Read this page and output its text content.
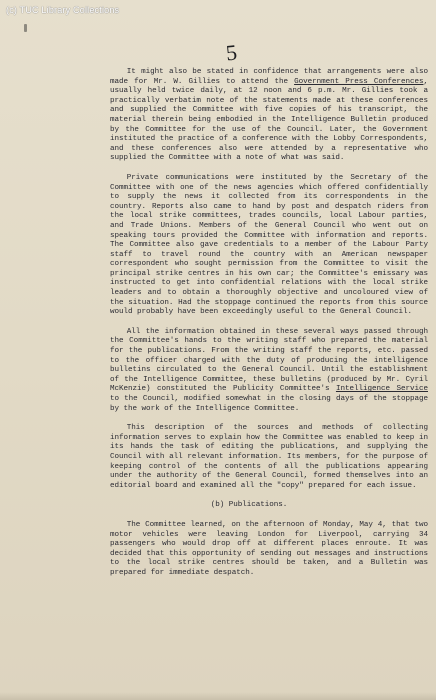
(c) TUC Library Collections
5

It might also be stated in confidence that arrangements were also made for Mr. W. Gillies to attend the Government Press Conferences, usually held twice daily, at 12 noon and 6 p.m. Mr. Gillies took a practically verbatim note of the statements made at these conferences and supplied the Committee with five copies of his transcript, the material therein being embodied in the Intelligence Bulletin produced by the Committee for the use of the Council. Later, the Government instituted the practice of a conference with the Lobby Correspondents, and these conferences also were attended by a representative who supplied the Committee with a note of what was said.

Private communications were instituted by the Secretary of the Committee with one of the news agencies which offered confidentially to supply the news it collected from its correspondents in the country. Reports also came to hand by post and despatch riders from the local strike committees, trades councils, local Labour parties, and Trade Unions. Members of the General Council who went out on speaking tours provided the Committee with information and reports. The Committee also gave credentials to a member of the Labour Party staff to travel round the country with an American newspaper correspondent who sought permission from the Committee to visit the principal strike centres in his own car; the Committee's emissary was instructed to get into confidential relations with the local strike leaders and to obtain a thoroughly objective and uncoloured view of the situation. Had the stoppage continued the reports from this source would probably have been exceedingly useful to the General Council.

All the information obtained in these several ways passed through the Committee's hands to the writing staff who prepared the material for the publications. From the writing staff the reports, etc. passed to the officer charged with the duty of producing the intelligence bulletins circulated to the General Council. Until the establishment of the Intelligence Committee, these bulletins (produced by Mr. Cyril McKenzie) constituted the Publicity Committee's Intelligence Service to the Council, modified somewhat in the closing days of the stoppage by the work of the Intelligence Committee.

This description of the sources and methods of collecting information serves to explain how the Committee was enabled to keep in its hands the task of editing the publications, and supplying the Council with all relevant information. Its members, for the purpose of keeping control of the contents of all the publications appearing under the authority of the General Council, formed themselves into an editorial board and examined all the "copy" prepared for each issue.

(b) Publications.

The Committee learned, on the afternoon of Monday, May 4, that two motor vehicles were leaving London for Liverpool, carrying 34 passengers who would drop off at different places enroute. It was decided that this opportunity of sending out messages and instructions to the local strike centres should be taken, and a Bulletin was prepared for immediate despatch.
